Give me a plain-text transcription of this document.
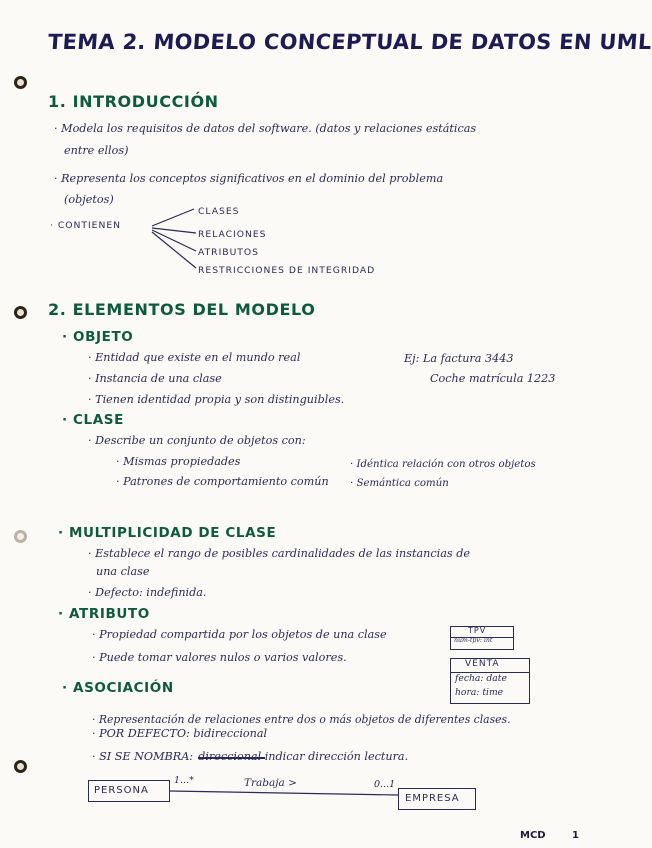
TEMA 2. MODELO CONCEPTUAL DE DATOS EN UML
1. INTRODUCCIÓN
· Modela los requisitos de datos del software. (datos y relaciones estáticas
entre ellos)
· Representa los conceptos significativos en el dominio del problema
(objetos)
· CONTIENEN
CLASES
RELACIONES
ATRIBUTOS
RESTRICCIONES DE INTEGRIDAD
2. ELEMENTOS DEL MODELO
· OBJETO
· Entidad que existe en el mundo real
· Instancia de una clase
· Tienen identidad propia y son distinguibles.
Ej: La factura 3443
Coche matrícula 1223
· CLASE
· Describe un conjunto de objetos con:
· Mismas propiedades
· Patrones de comportamiento común
· Idéntica relación con otros objetos
· Semántica común
· MULTIPLICIDAD DE CLASE
· Establece el rango de posibles cardinalidades de las instancias de
una clase
· Defecto: indefinida.
· ATRIBUTO
· Propiedad compartida por los objetos de una clase
· Puede tomar valores nulos o varios valores.
TPV
num-tpv: int
VENTA
fecha: date
hora: time
· ASOCIACIÓN
· Representación de relaciones entre dos o más objetos de diferentes clases.
· POR DEFECTO: bidireccional
· SI SE NOMBRA:	indicar dirección lectura.
PERSONA
1...*	Trabaja >	0...1
EMPRESA
MCD	1
